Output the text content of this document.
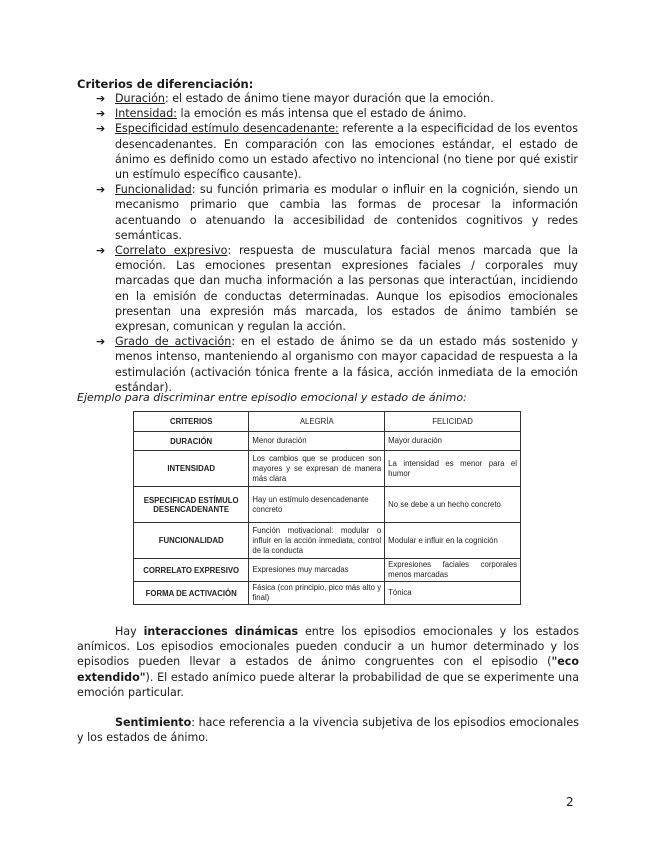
Criterios de diferenciación:
➔ Duración: el estado de ánimo tiene mayor duración que la emoción.
➔ Intensidad: la emoción es más intensa que el estado de ánimo.
➔ Especificidad estímulo desencadenante: referente a la especificidad de los eventos desencadenantes. En comparación con las emociones estándar, el estado de ánimo es definido como un estado afectivo no intencional (no tiene por qué existir un estímulo específico causante).
➔ Funcionalidad: su función primaria es modular o influir en la cognición, siendo un mecanismo primario que cambia las formas de procesar la información acentuando o atenuando la accesibilidad de contenidos cognitivos y redes semánticas.
➔ Correlato expresivo: respuesta de musculatura facial menos marcada que la emoción. Las emociones presentan expresiones faciales / corporales muy marcadas que dan mucha información a las personas que interactúan, incidiendo en la emisión de conductas determinadas. Aunque los episodios emocionales presentan una expresión más marcada, los estados de ánimo también se expresan, comunican y regulan la acción.
➔ Grado de activación: en el estado de ánimo se da un estado más sostenido y menos intenso, manteniendo al organismo con mayor capacidad de respuesta a la estimulación (activación tónica frente a la fásica, acción inmediata de la emoción estándar).
Ejemplo para discriminar entre episodio emocional y estado de ánimo:
CRITERIOS	ALEGRÍA	FELICIDAD
DURACIÓN	Menor duración	Mayor duración
INTENSIDAD	Los cambios que se producen son mayores y se expresan de manera más clara	La intensidad es menor para el humor
ESPECIFICAD ESTÍMULO DESENCADENANTE	Hay un estímulo desencadenante concreto	No se debe a un hecho concreto
FUNCIONALIDAD	Función motivacional: modular o influir en la acción inmediata, control de la conducta	Modular e influir en la cognición
CORRELATO EXPRESIVO	Expresiones muy marcadas	Expresiones faciales corporales menos marcadas
FORMA DE ACTIVACIÓN	Fásica (con principio, pico más alto y final)	Tónica

Hay interacciones dinámicas entre los episodios emocionales y los estados anímicos. Los episodios emocionales pueden conducir a un humor determinado y los episodios pueden llevar a estados de ánimo congruentes con el episodio ("eco extendido"). El estado anímico puede alterar la probabilidad de que se experimente una emoción particular.

Sentimiento: hace referencia a la vivencia subjetiva de los episodios emocionales y los estados de ánimo.

2
